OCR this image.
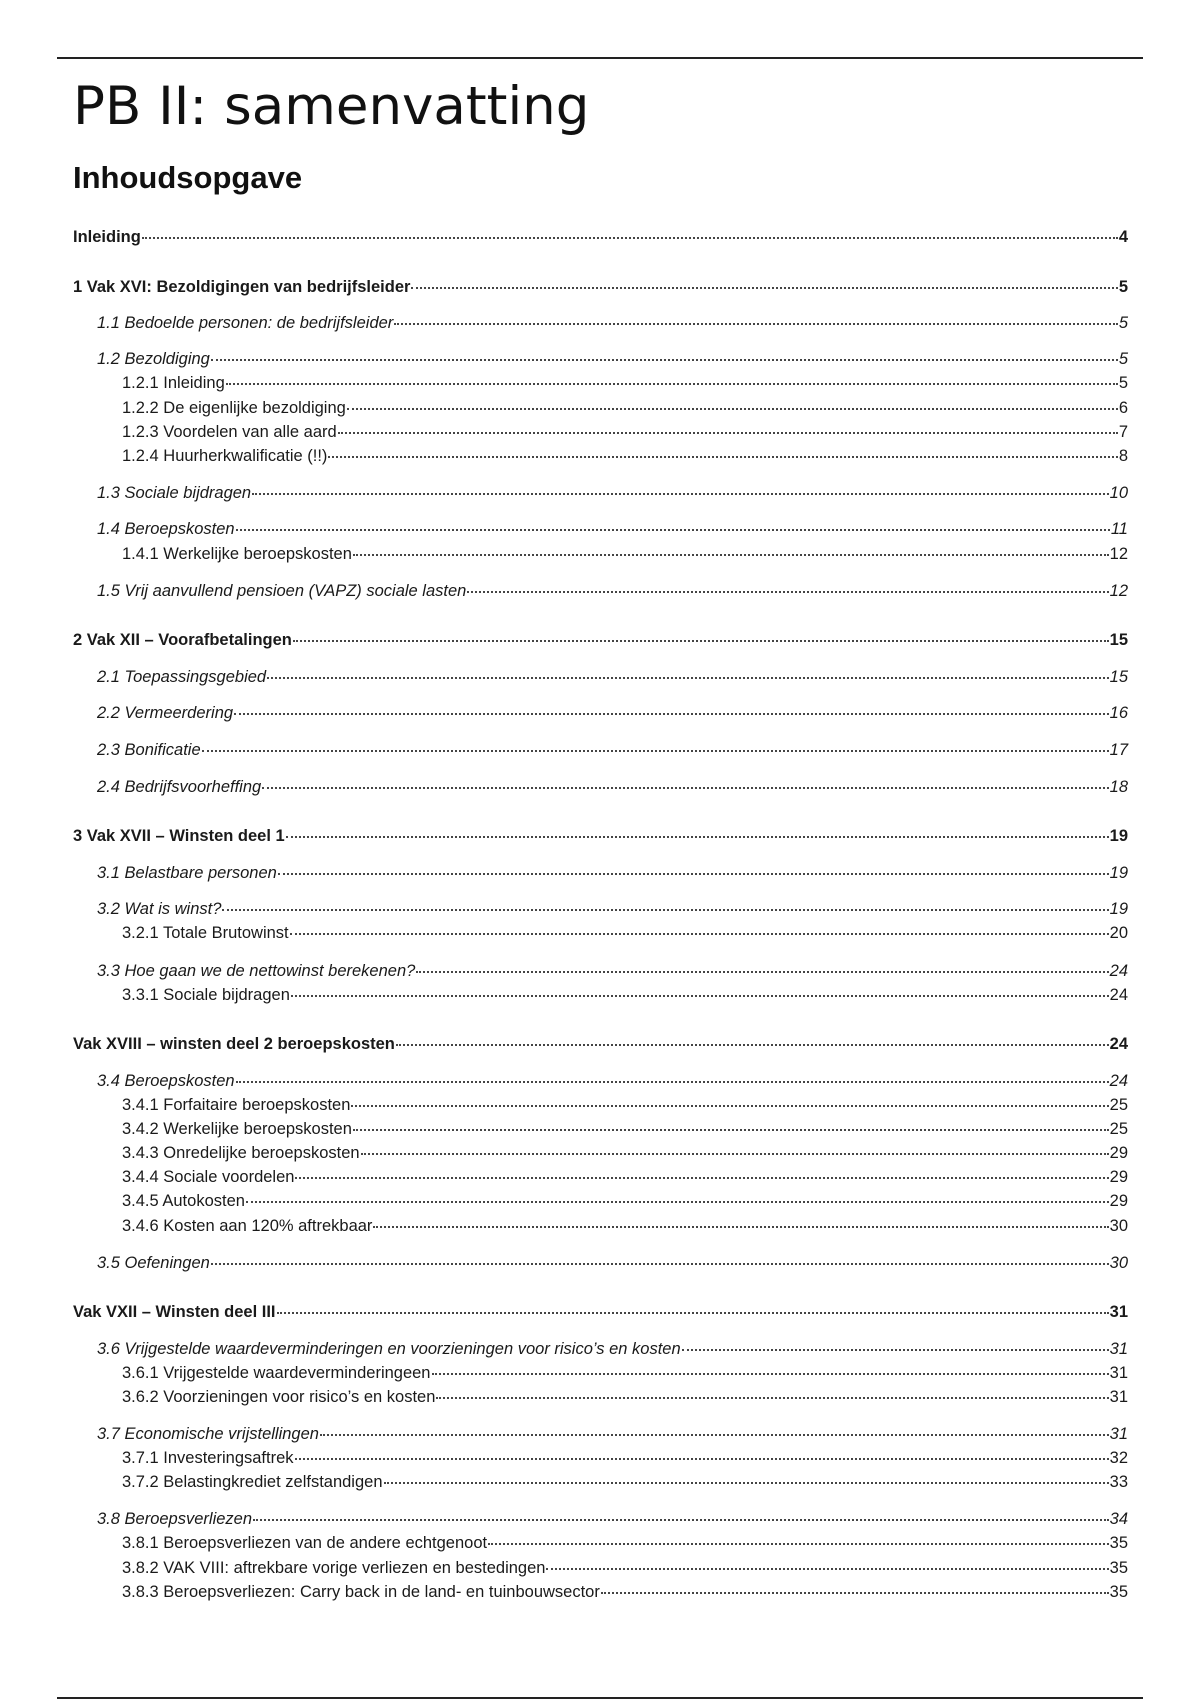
PB II: samenvatting
Inhoudsopgave
Inleiding	4
1 Vak XVI: Bezoldigingen van bedrijfsleider	5
1.1 Bedoelde personen: de bedrijfsleider	5
1.2 Bezoldiging	5
1.2.1 Inleiding	5
1.2.2 De eigenlijke bezoldiging	6
1.2.3 Voordelen van alle aard	7
1.2.4 Huurherkwalificatie (!!)	8
1.3 Sociale bijdragen	10
1.4 Beroepskosten	11
1.4.1 Werkelijke beroepskosten	12
1.5 Vrij aanvullend pensioen (VAPZ) sociale lasten	12
2 Vak XII – Voorafbetalingen	15
2.1 Toepassingsgebied	15
2.2 Vermeerdering	16
2.3 Bonificatie	17
2.4 Bedrijfsvoorheffing	18
3 Vak XVII – Winsten deel 1	19
3.1 Belastbare personen	19
3.2 Wat is winst?	19
3.2.1 Totale Brutowinst	20
3.3 Hoe gaan we de nettowinst berekenen?	24
3.3.1 Sociale bijdragen	24
Vak XVIII – winsten deel 2 beroepskosten	24
3.4 Beroepskosten	24
3.4.1 Forfaitaire beroepskosten	25
3.4.2 Werkelijke beroepskosten	25
3.4.3 Onredelijke beroepskosten	29
3.4.4 Sociale voordelen	29
3.4.5 Autokosten	29
3.4.6 Kosten aan 120% aftrekbaar	30
3.5 Oefeningen	30
Vak VXII – Winsten deel III	31
3.6 Vrijgestelde waardeverminderingen en voorzieningen voor risico’s en kosten	31
3.6.1 Vrijgestelde waardeverminderingeen	31
3.6.2 Voorzieningen voor risico’s en kosten	31
3.7 Economische vrijstellingen	31
3.7.1 Investeringsaftrek	32
3.7.2 Belastingkrediet zelfstandigen	33
3.8 Beroepsverliezen	34
3.8.1 Beroepsverliezen van de andere echtgenoot	35
3.8.2 VAK VIII: aftrekbare vorige verliezen en bestedingen	35
3.8.3 Beroepsverliezen: Carry back in de land- en tuinbouwsector	35
